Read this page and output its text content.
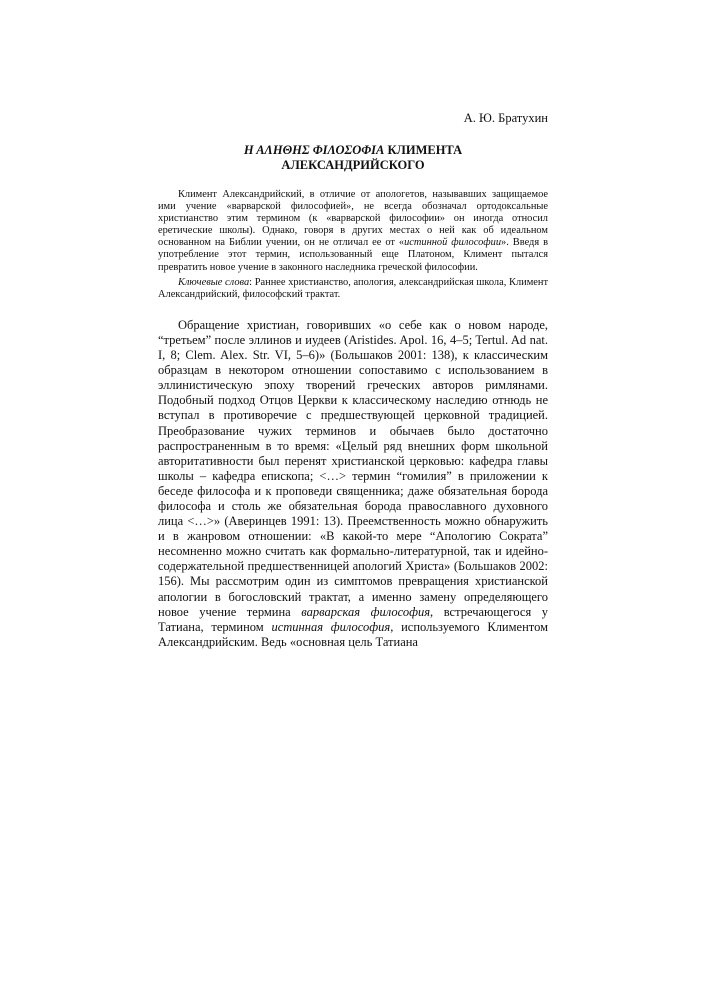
А. Ю. Братухин
Η ΑΛΗΘΗΣ ΦΙΛΟΣΟΦΙΑ КЛИМЕНТА
АЛЕКСАНДРИЙСКОГО

Климент Александрийский, в отличие от апологетов, называвших защищаемое ими учение «варварской философией», не всегда обозначал ортодоксальные христианство этим термином (к «варварской философии» он иногда относил еретические школы). Однако, говоря в других местах о ней как об идеальном основанном на Библии учении, он не отличал ее от «истинной философии». Введя в употребление этот термин, использованный еще Платоном, Климент пытался превратить новое учение в законного наследника греческой философии.

Ключевые слова: Раннее христианство, апология, александрийская школа, Климент Александрийский, философский трактат.

Обращение христиан, говоривших «о себе как о новом народе, “третьем” после эллинов и иудеев (Aristides. Apol. 16, 4–5; Tertul. Ad nat. I, 8; Clem. Alex. Str. VI, 5–6)» (Большаков 2001: 138), к классическим образцам в некотором отношении сопоставимо с использованием в эллинистическую эпоху творений греческих авторов римлянами. Подобный подход Отцов Церкви к классическому наследию отнюдь не вступал в противоречие с предшествующей церковной традицией. Преобразование чужих терминов и обычаев было достаточно распространенным в то время: «Целый ряд внешних форм школьной авторитативности был перенят христианской церковью: кафедра главы школы – кафедра епископа; <…> термин “гомилия” в приложении к беседе философа и к проповеди священника; даже обязательная борода философа и столь же обязательная борода православного духовного лица <…>» (Аверинцев 1991: 13). Преемственность можно обнаружить и в жанровом отношении: «В какой-то мере “Апологию Сократа” несомненно можно считать как формально-литературной, так и идейно-содержательной предшественницей апологий Христа» (Большаков 2002: 156). Мы рассмотрим один из симптомов превращения христианской апологии в богословский трактат, а именно замену определяющего новое учение термина варварская философия, встречающегося у Татиана, термином истинная философия, используемого Климентом Александрийским. Ведь «основная цель Татиана
